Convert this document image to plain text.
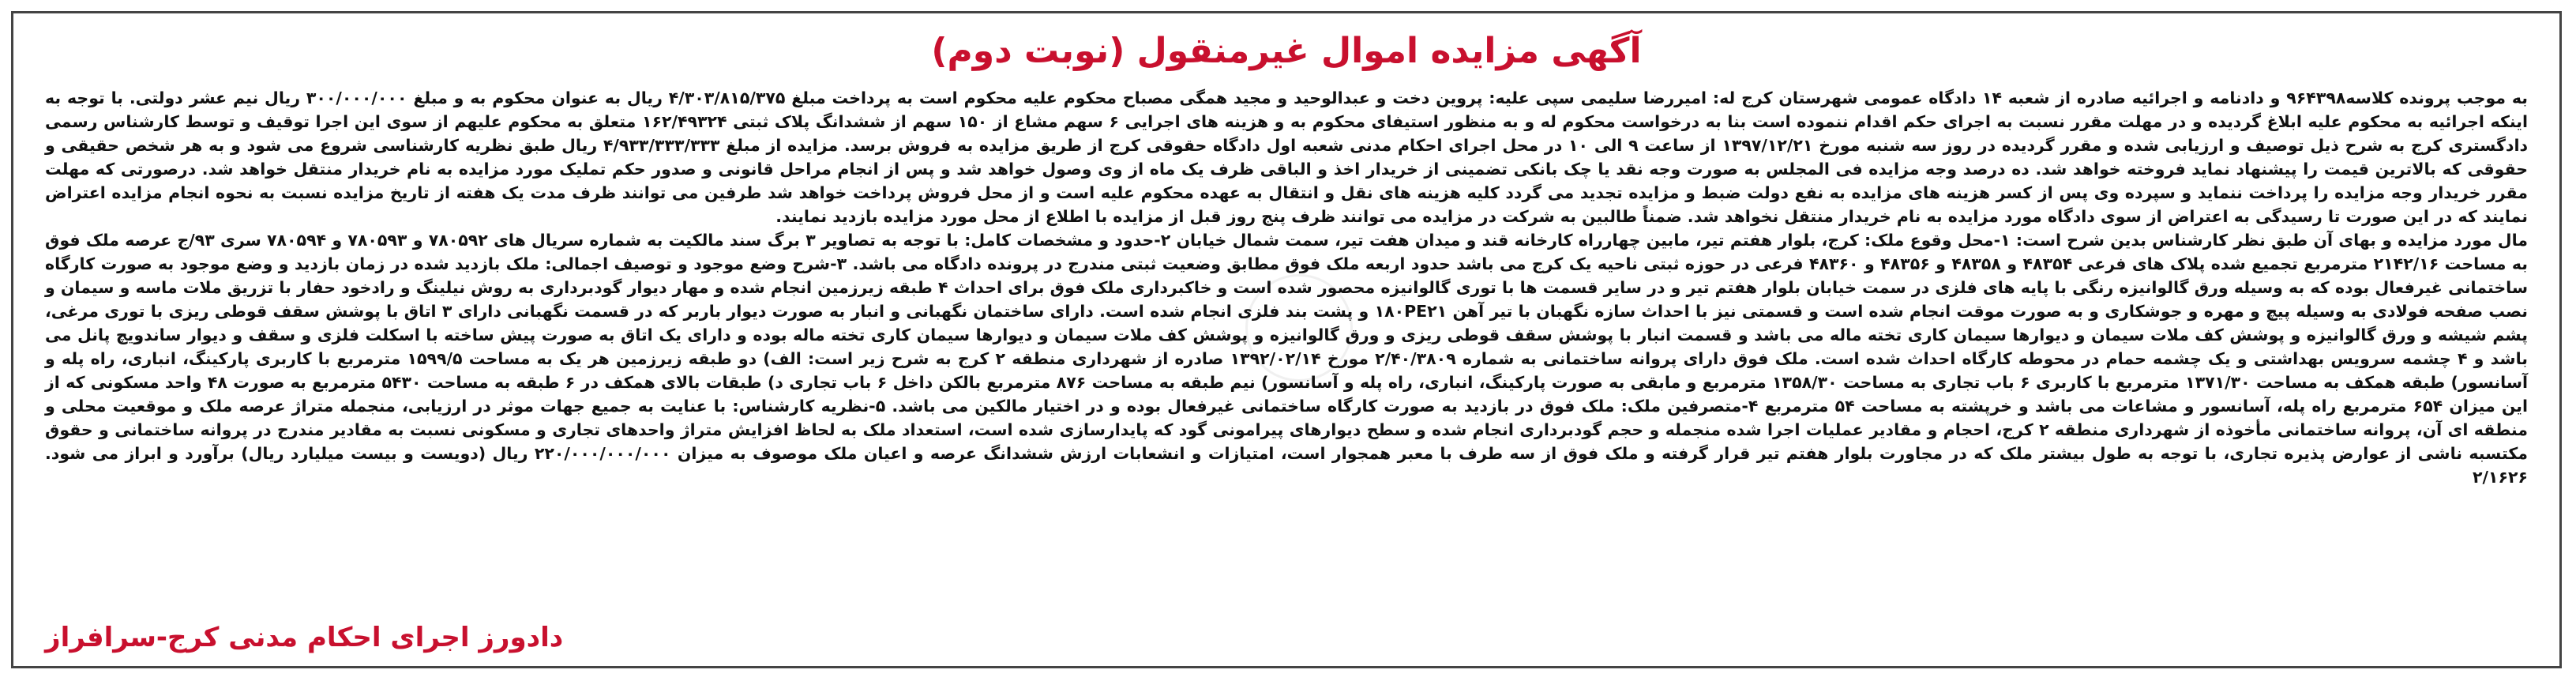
آگهی مزایده اموال غیرمنقول (نوبت دوم)

به موجب پرونده کلاسه۹۶۴۳۹۸ و دادنامه و اجرائیه صادره از شعبه ۱۴ دادگاه عمومی شهرستان کرج له: امیررضا سلیمی سپی علیه: پروین دخت و عبدالوحید و مجید همگی مصباح محکوم علیه محکوم است به پرداخت مبلغ ۴/۳۰۳/۸۱۵/۳۷۵ ریال به عنوان محکوم به و مبلغ ۳۰۰/۰۰۰/۰۰۰ ریال نیم عشر دولتی. با توجه به اینکه اجرائیه به محکوم علیه ابلاغ گردیده و در مهلت مقرر نسبت به اجرای حکم اقدام ننموده است بنا به درخواست محکوم له و به منظور استیفای محکوم به و هزینه های اجرایی ۶ سهم مشاع از ۱۵۰ سهم از ششدانگ پلاک ثبتی ۱۶۲/۴۹۳۲۴ متعلق به محکوم علیهم از سوی این اجرا توقیف و توسط کارشناس رسمی دادگستری کرج به شرح ذیل توصیف و ارزیابی شده و مقرر گردیده در روز سه شنبه مورخ ۱۳۹۷/۱۲/۲۱ از ساعت ۹ الی ۱۰ در محل اجرای احکام مدنی شعبه اول دادگاه حقوقی کرج از طریق مزایده به فروش برسد. مزایده از مبلغ ۴/۹۳۳/۳۳۳/۳۳۳ ریال طبق نظریه کارشناسی شروع می شود و به هر شخص حقیقی و حقوقی که بالاترین قیمت را پیشنهاد نماید فروخته خواهد شد. ده درصد وجه مزایده فی المجلس به صورت وجه نقد یا چک بانکی تضمینی از خریدار اخذ و الباقی ظرف یک ماه از وی وصول خواهد شد و پس از انجام مراحل قانونی و صدور حکم تملیک مورد مزایده به نام خریدار منتقل خواهد شد. درصورتی که مهلت مقرر خریدار وجه مزایده را پرداخت ننماید و سپرده وی پس از کسر هزینه های مزایده به نفع دولت ضبط و مزایده تجدید می گردد کلیه هزینه های نقل و انتقال به عهده محکوم علیه است و از محل فروش پرداخت خواهد شد طرفین می توانند ظرف مدت یک هفته از تاریخ مزایده نسبت به نحوه انجام مزایده اعتراض نمایند که در این صورت تا رسیدگی به اعتراض از سوی دادگاه مورد مزایده به نام خریدار منتقل نخواهد شد. ضمناً طالبین به شرکت در مزایده می توانند ظرف پنج روز قبل از مزایده با اطلاع از محل مورد مزایده بازدید نمایند.

مال مورد مزایده و بهای آن طبق نظر کارشناس بدین شرح است: ۱-محل وقوع ملک: کرج، بلوار هفتم تیر، مابین چهارراه کارخانه قند و میدان هفت تیر، سمت شمال خیابان ۲-حدود و مشخصات کامل: با توجه به تصاویر ۳ برگ سند مالکیت به شماره سریال های ۷۸۰۵۹۲ و ۷۸۰۵۹۳ و ۷۸۰۵۹۴ سری ۹۳/ج عرصه ملک فوق به مساحت ۲۱۴۲/۱۶ مترمربع تجمیع شده پلاک های فرعی ۴۸۳۵۴ و ۴۸۳۵۸ و ۴۸۳۵۶ و ۴۸۳۶۰ فرعی در حوزه ثبتی ناحیه یک کرج می باشد حدود اربعه ملک فوق مطابق وضعیت ثبتی مندرج در پرونده دادگاه می باشد. ۳-شرح وضع موجود و توصیف اجمالی: ملک بازدید شده در زمان بازدید و وضع موجود به صورت کارگاه ساختمانی غیرفعال بوده که به وسیله ورق گالوانیزه رنگی با پایه های فلزی در سمت خیابان بلوار هفتم تیر و در سایر قسمت ها با توری گالوانیزه محصور شده است و خاکبرداری ملک فوق برای احداث ۴ طبقه زیرزمین انجام شده و مهار دیوار گودبرداری به روش نیلینگ و رادخود حفار با تزریق ملات ماسه و سیمان و نصب صفحه فولادی به وسیله پیچ و مهره و جوشکاری و به صورت موقت انجام شده است و قسمتی نیز با احداث سازه نگهبان با تیر آهن ۱۸۰PE۲۱ و پشت بند فلزی انجام شده است. دارای ساختمان نگهبانی و انبار به صورت دیوار باربر که در قسمت نگهبانی دارای ۳ اتاق با پوشش سقف قوطی ریزی با توری مرغی، پشم شیشه و ورق گالوانیزه و پوشش کف ملات سیمان و دیوارها سیمان کاری تخته ماله می باشد و قسمت انبار با پوشش سقف قوطی ریزی و ورق گالوانیزه و پوشش کف ملات سیمان و دیوارها سیمان کاری تخته ماله بوده و دارای یک اتاق به صورت پیش ساخته با اسکلت فلزی و سقف و دیوار ساندویچ پانل می باشد و ۴ چشمه سرویس بهداشتی و یک چشمه حمام در محوطه کارگاه احداث شده است. ملک فوق دارای پروانه ساختمانی به شماره ۲/۴۰/۳۸۰۹ مورخ ۱۳۹۲/۰۲/۱۴ صادره از شهرداری منطقه ۲ کرج به شرح زیر است: الف) دو طبقه زیرزمین هر یک به مساحت ۱۵۹۹/۵ مترمربع با کاربری پارکینگ، انباری، راه پله و آسانسور) طبقه همکف به مساحت ۱۳۷۱/۳۰ مترمربع با کاربری ۶ باب تجاری به مساحت ۱۳۵۸/۳۰ مترمربع و مابقی به صورت پارکینگ، انباری، راه پله و آسانسور) نیم طبقه به مساحت ۸۷۶ مترمربع بالکن داخل ۶ باب تجاری د) طبقات بالای همکف در ۶ طبقه به مساحت ۵۴۳۰ مترمربع به صورت ۴۸ واحد مسکونی که از این میزان ۶۵۴ مترمربع راه پله، آسانسور و مشاعات می باشد و خرپشته به مساحت ۵۴ مترمربع ۴-متصرفین ملک: ملک فوق در بازدید به صورت کارگاه ساختمانی غیرفعال بوده و در اختیار مالکین می باشد. ۵-نظریه کارشناس: با عنایت به جمیع جهات موثر در ارزیابی، منجمله متراژ عرصه ملک و موقعیت محلی و منطقه ای آن، پروانه ساختمانی مأخوذه از شهرداری منطقه ۲ کرج، احجام و مقادیر عملیات اجرا شده منجمله و حجم گودبرداری انجام شده و سطح دیوارهای پیرامونی گود که پایدارسازی شده است، استعداد ملک به لحاظ افزایش متراژ واحدهای تجاری و مسکونی نسبت به مقادیر مندرج در پروانه ساختمانی و حقوق مکتسبه ناشی از عوارض پذیره تجاری، با توجه به طول بیشتر ملک که در مجاورت بلوار هفتم تیر قرار گرفته و ملک فوق از سه طرف با معبر همجوار است، امتیازات و انشعابات ارزش ششدانگ عرصه و اعیان ملک موصوف به میزان ۲۲۰/۰۰۰/۰۰۰/۰۰۰ ریال (دویست و بیست میلیارد ریال) برآورد و ابراز می شود. ۲/۱۶۲۶

دادورز اجرای احکام مدنی کرج-سرافراز
